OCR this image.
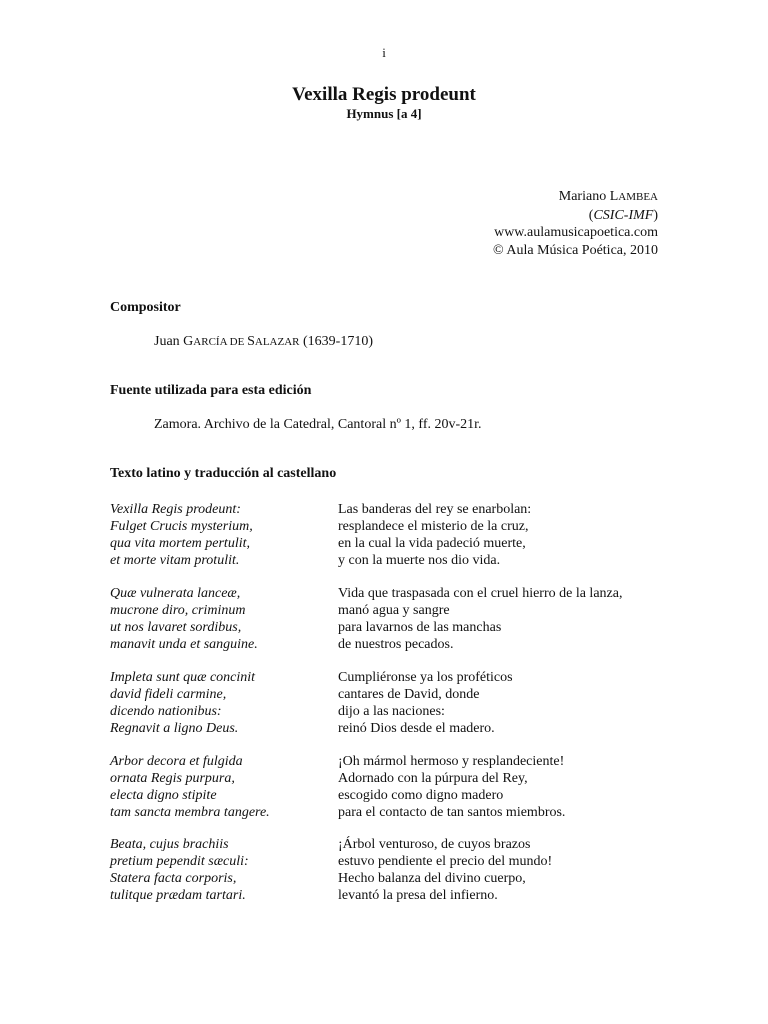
i
Vexilla Regis prodeunt
Hymnus [a 4]
Mariano LAMBEA
(CSIC-IMF)
www.aulamusicapoetica.com
© Aula Música Poética, 2010
Compositor
Juan GARCÍA DE SALAZAR (1639-1710)
Fuente utilizada para esta edición
Zamora. Archivo de la Catedral, Cantoral nº 1, ff. 20v-21r.
Texto latino y traducción al castellano
Vexilla Regis prodeunt:	Las banderas del rey se enarbolan:
Fulget Crucis mysterium,	resplandece el misterio de la cruz,
qua vita mortem pertulit,	en la cual la vida padeció muerte,
et morte vitam protulit.	y con la muerte nos dio vida.
Quæ vulnerata lanceæ,	Vida que traspasada con el cruel hierro de la lanza,
mucrone diro, criminum	manó agua y sangre
ut nos lavaret sordibus,	para lavarnos de las manchas
manavit unda et sanguine.	de nuestros pecados.
Impleta sunt quæ concinit	Cumpliéronse ya los proféticos
david fideli carmine,	cantares de David, donde
dicendo nationibus:	dijo a las naciones:
Regnavit a ligno Deus.	reinó Dios desde el madero.
Arbor decora et fulgida	¡Oh mármol hermoso y resplandeciente!
ornata Regis purpura,	Adornado con la púrpura del Rey,
electa digno stipite	escogido como digno madero
tam sancta membra tangere.	para el contacto de tan santos miembros.
Beata, cujus brachiis	¡Árbol venturoso, de cuyos brazos
pretium pependit sæculi:	estuvo pendiente el precio del mundo!
Statera facta corporis,	Hecho balanza del divino cuerpo,
tulitque prædam tartari.	levantó la presa del infierno.
